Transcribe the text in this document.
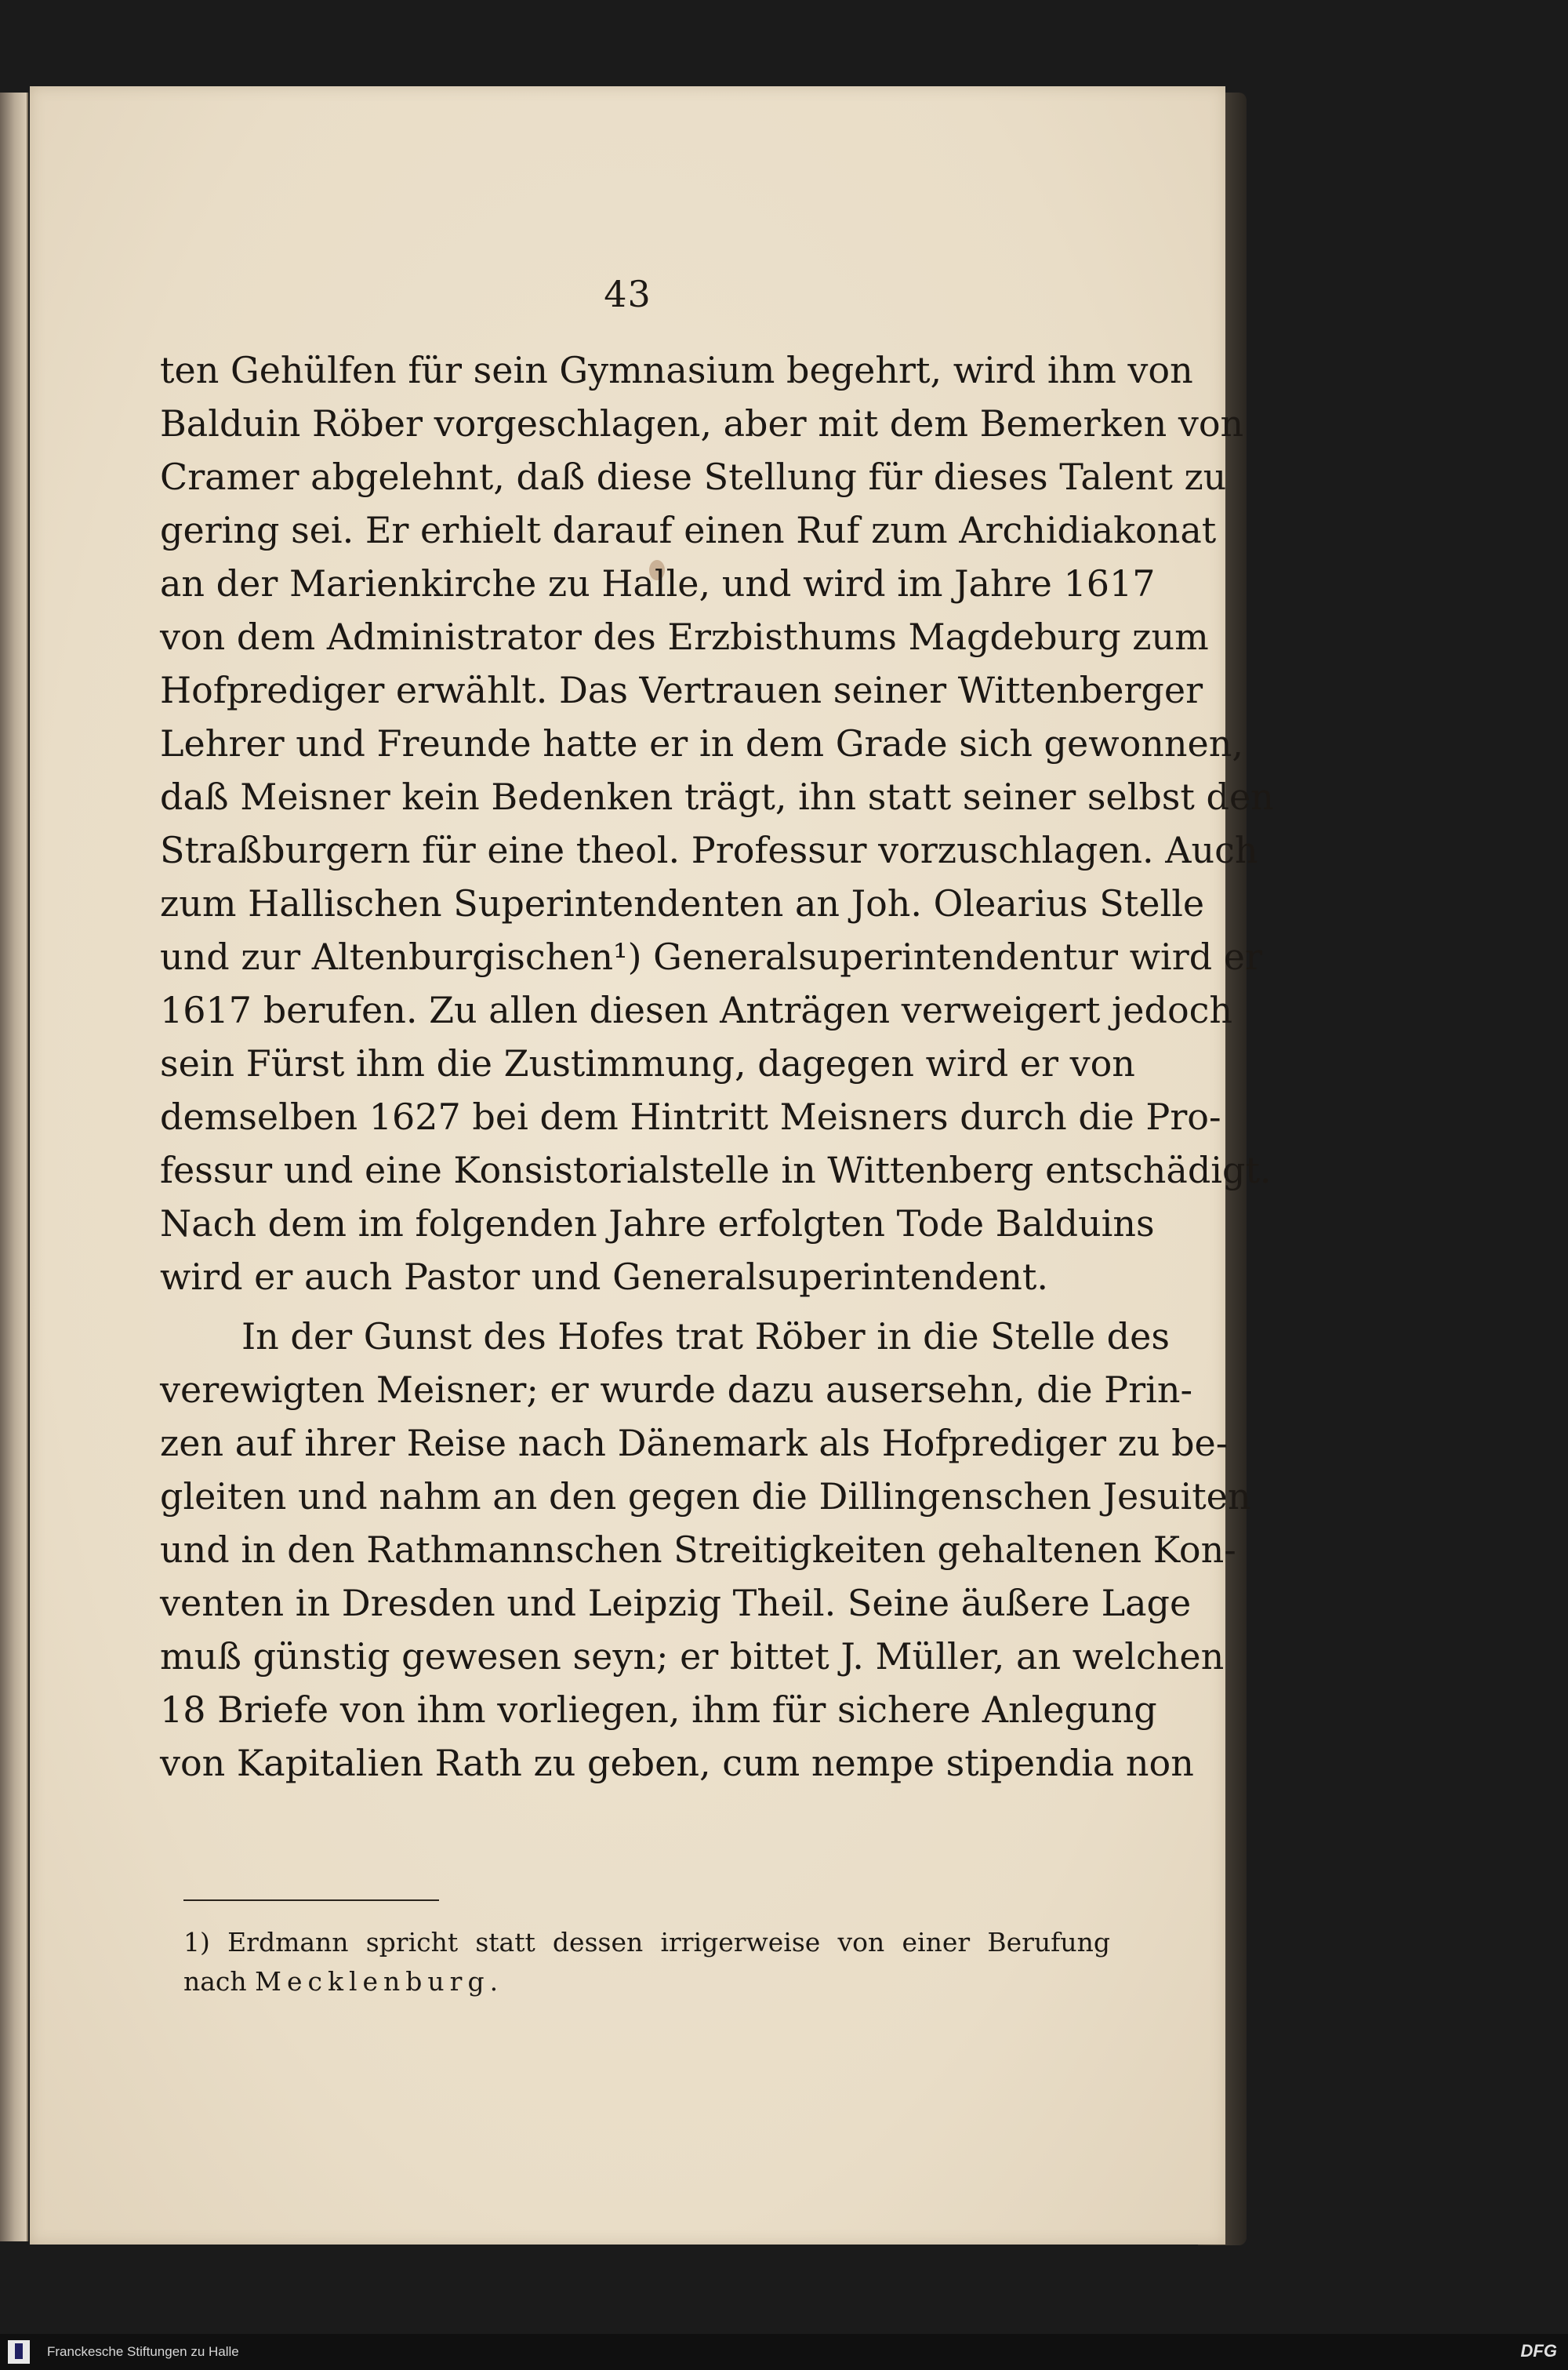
43
ten Gehülfen für sein Gymnasium begehrt, wird ihm von
Balduin Röber vorgeschlagen, aber mit dem Bemerken von
Cramer abgelehnt, daß diese Stellung für dieses Talent zu
gering sei. Er erhielt darauf einen Ruf zum Archidiakonat
an der Marienkirche zu Halle, und wird im Jahre 1617
von dem Administrator des Erzbisthums Magdeburg zum
Hofprediger erwählt. Das Vertrauen seiner Wittenberger
Lehrer und Freunde hatte er in dem Grade sich gewonnen,
daß Meisner kein Bedenken trägt, ihn statt seiner selbst den
Straßburgern für eine theol. Professur vorzuschlagen. Auch
zum Hallischen Superintendenten an Joh. Olearius Stelle
und zur Altenburgischen¹) Generalsuperintendentur wird er
1617 berufen. Zu allen diesen Anträgen verweigert jedoch
sein Fürst ihm die Zustimmung, dagegen wird er von
demselben 1627 bei dem Hintritt Meisners durch die Pro-
fessur und eine Konsistorialstelle in Wittenberg entschädigt.
Nach dem im folgenden Jahre erfolgten Tode Balduins
wird er auch Pastor und Generalsuperintendent.
In der Gunst des Hofes trat Röber in die Stelle des
verewigten Meisner; er wurde dazu ausersehn, die Prin-
zen auf ihrer Reise nach Dänemark als Hofprediger zu be-
gleiten und nahm an den gegen die Dillingenschen Jesuiten
und in den Rathmannschen Streitigkeiten gehaltenen Kon-
venten in Dresden und Leipzig Theil. Seine äußere Lage
muß günstig gewesen seyn; er bittet J. Müller, an welchen
18 Briefe von ihm vorliegen, ihm für sichere Anlegung
von Kapitalien Rath zu geben, cum nempe stipendia non
1) Erdmann spricht statt dessen irrigerweise von einer Berufung
nach Mecklenburg.
Franckesche Stiftungen zu Halle	DFG
